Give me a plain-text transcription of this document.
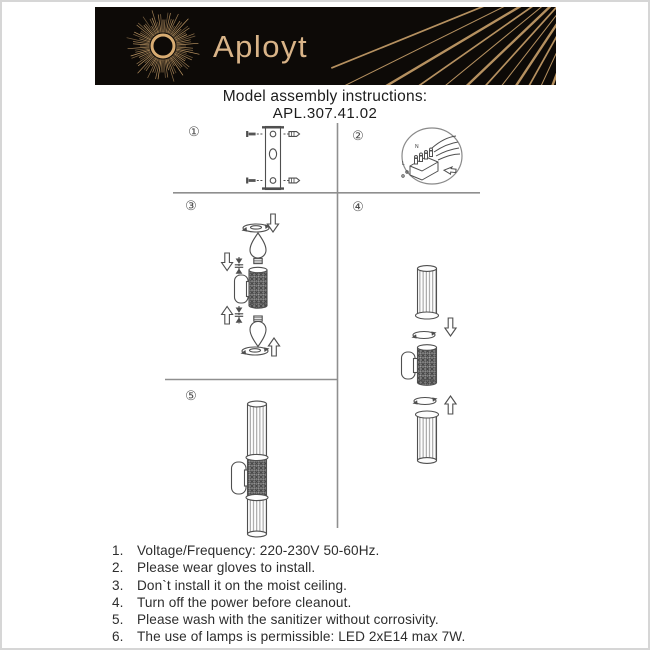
Aployt
Model assembly instructions:
APL.307.41.02
N
L
①	②
③	④
⑤
1. Voltage/Frequency: 220-230V 50-60Hz.
2. Please wear gloves to install.
3. Don`t install it on the moist ceiling.
4. Turn off the power before cleanout.
5. Please wash with the sanitizer without corrosivity.
6. The use of lamps is permissible: LED 2xE14 max 7W.
